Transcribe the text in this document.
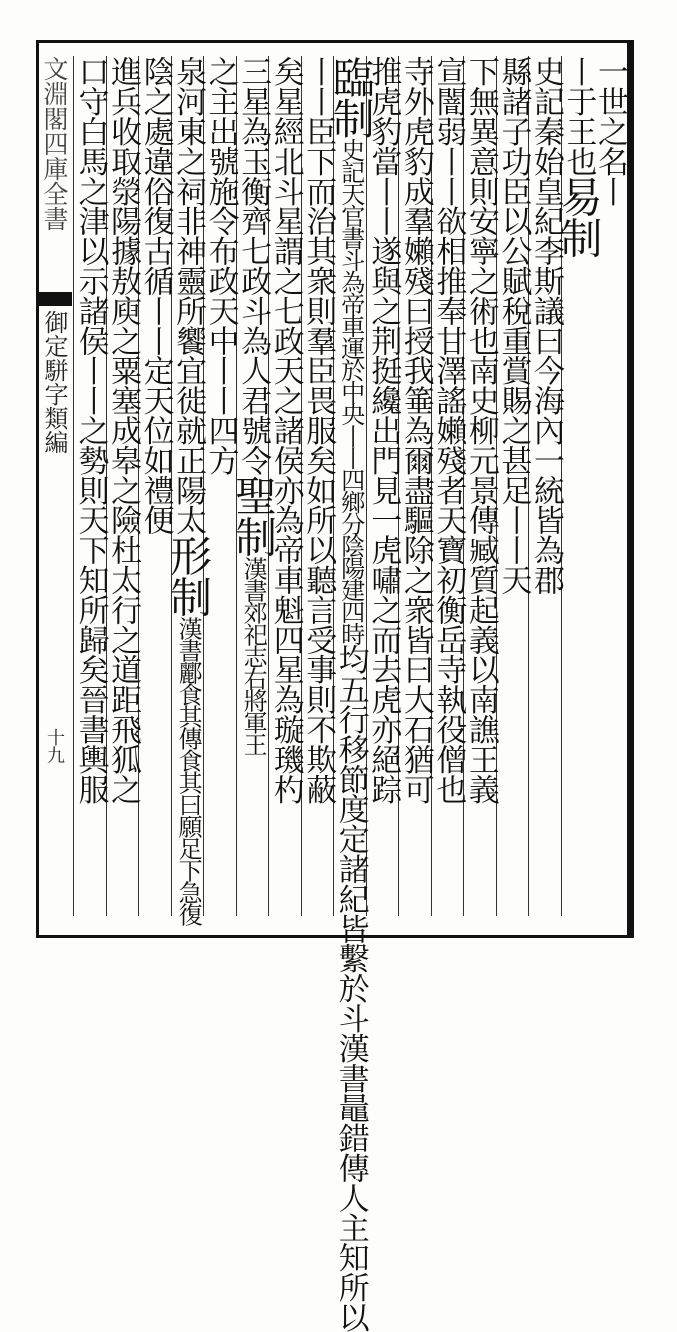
文淵閣四庫全書
御定駢字類編
十九
一世之名丨
丨于王也易制
史記秦始皇紀李斯議曰今海內一統皆為郡
縣諸子功臣以公賦稅重賞賜之甚足丨丨天
下無異意則安寧之術也南史柳元景傳臧質起義以南譙王義
宣闇弱丨丨欲相推奉甘澤謠嬾殘者天寶初衡岳寺執役僧也
寺外虎豹成羣嬾殘曰授我箠為爾盡驅除之衆皆曰大石猶可
推虎豹當丨丨遂與之荆挺纔出門見一虎嘯之而去虎亦絕踪
臨制史記天官書斗為帝車運於中央丨丨四鄉分陰陽建四時均五行移節度定諸紀皆繫於斗漢書鼂錯傳人主知所以
丨丨臣下而治其衆則羣臣畏服矣如所以聽言受事則不欺蔽
矣星經北斗星謂之七政天之諸侯亦為帝車魁四星為璇璣杓
三星為玉衡齊七政斗為人君號令聖制漢書郊祀志右將軍王
之主出號施令布政天中丨丨四方
泉河東之祠非神靈所饗宜徙就正陽太形制漢書酈食其傳食其曰願足下急復
陰之處違俗復古循丨丨定天位如禮便
進兵收取滎陽據敖庾之粟塞成皋之險杜太行之道距飛狐之
口守白馬之津以示諸侯丨丨之勢則天下知所歸矣晉書輿服
